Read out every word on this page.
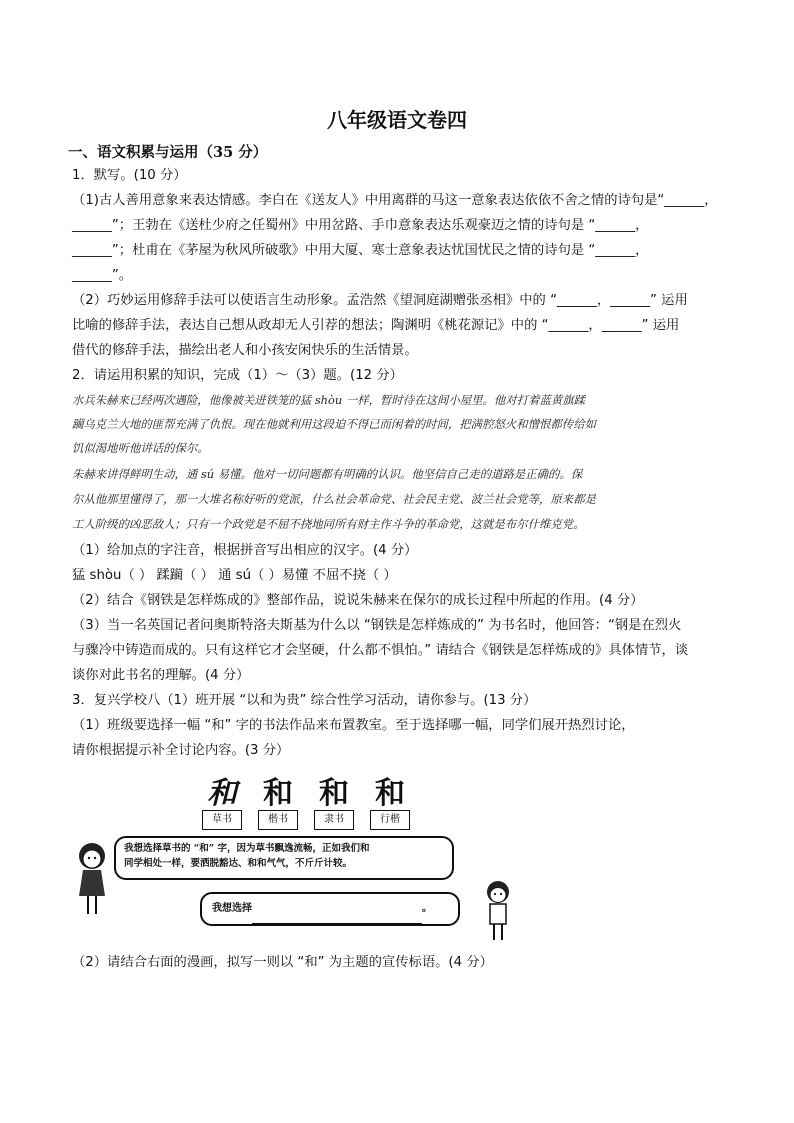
八年级语文卷四
一、语文积累与运用（35 分）
1．默写。(10 分）
（1)古人善用意象来表达情感。李白在《送友人》中用离群的马这一意象表达依依不舍之情的诗句是“______，
______”；王勃在《送杜少府之任蜀州》中用岔路、手巾意象表达乐观豪迈之情的诗句是 “______，
______”；杜甫在《茅屋为秋风所破歌》中用大厦、寒士意象表达忧国忧民之情的诗句是 “______，
______”。
（2）巧妙运用修辞手法可以使语言生动形象。孟浩然《望洞庭湖赠张丞相》中的 “______，______” 运用
比喻的修辞手法，表达自己想从政却无人引荐的想法；陶渊明《桃花源记》中的 “______，______” 运用
借代的修辞手法，描绘出老人和小孩安闲快乐的生活情景。
2．请运用积累的知识，完成（1）～（3）题。(12 分）
水兵朱赫来已经两次遇险，他像被关进铁笼的猛 shòu 一样，暂时待在这间小屋里。他对打着蓝黄旗蹂
躏乌克兰大地的匪帮充满了仇恨。现在他就利用这段迫不得已而闲着的时间，把满腔怒火和憎恨都传给如
饥似渴地听他讲话的保尔。
朱赫来讲得鲜明生动，通 sú 易懂。他对一切问题都有明确的认识。他坚信自己走的道路是正确的。保
尔从他那里懂得了，那一大堆名称好听的党派，什么社会革命党、社会民主党、波兰社会党等，原来都是
工人阶级的凶恶敌人；只有一个政党是不屈不挠地同所有财主作斗争的革命党，这就是布尔什维克党。
（1）给加点的字注音，根据拼音写出相应的汉字。(4 分）
猛 shòu（ ） 蹂躏（ ） 通 sú（ ）易懂 不屈不挠（ ）
（2）结合《钢铁是怎样炼成的》整部作品，说说朱赫来在保尔的成长过程中所起的作用。(4 分）
（3）当一名英国记者问奥斯特洛夫斯基为什么以 “钢铁是怎样炼成的” 为书名时，他回答：“钢是在烈火
与骤冷中铸造而成的。只有这样它才会坚硬，什么都不惧怕。” 请结合《钢铁是怎样炼成的》具体情节，谈
谈你对此书名的理解。(4 分）
3．复兴学校八（1）班开展 “以和为贵” 综合性学习活动，请你参与。(13 分）
（1）班级要选择一幅 “和” 字的书法作品来布置教室。至于选择哪一幅，同学们展开热烈讨论，
请你根据提示补全讨论内容。(3 分）
和 和 和 和
草书	楷书	隶书	行楷
我想选择草书的 “和” 字，因为草书飘逸流畅，正如我们和
同学相处一样，要洒脱豁达、和和气气，不斤斤计较。
我想选择	。
（2）请结合右面的漫画，拟写一则以 “和” 为主题的宣传标语。(4 分）
